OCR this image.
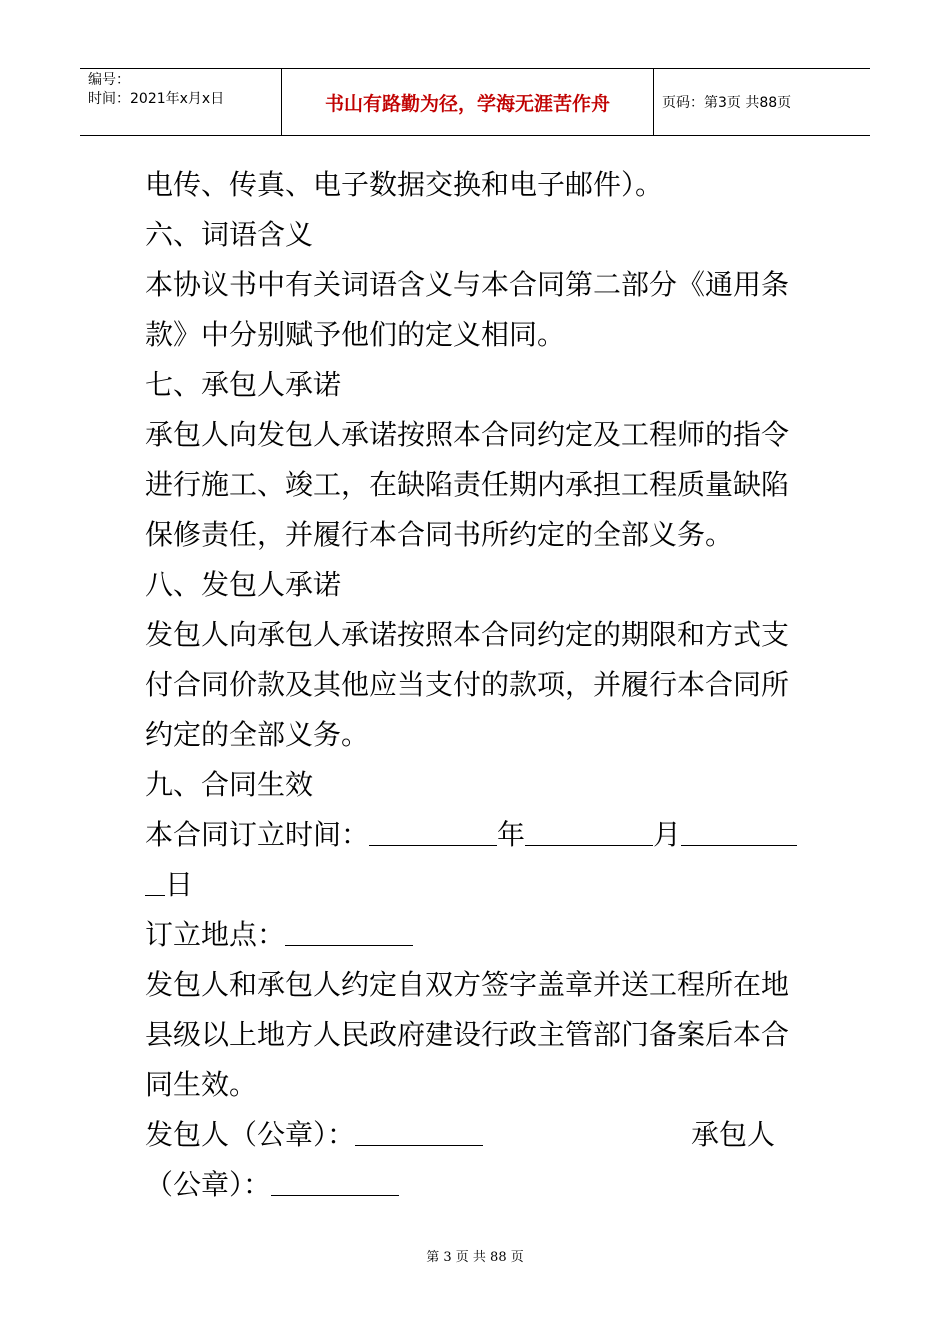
编号：
时间：2021年x月x日	书山有路勤为径，学海无涯苦作舟	页码：第3页 共88页
电传、传真、电子数据交换和电子邮件）。
六、词语含义
本协议书中有关词语含义与本合同第二部分《通用条
款》中分别赋予他们的定义相同。
七、承包人承诺
承包人向发包人承诺按照本合同约定及工程师的指令
进行施工、竣工，在缺陷责任期内承担工程质量缺陷
保修责任，并履行本合同书所约定的全部义务。
八、发包人承诺
发包人向承包人承诺按照本合同约定的期限和方式支
付合同价款及其他应当支付的款项，并履行本合同所
约定的全部义务。
九、合同生效
本合同订立时间：	年	月
日
订立地点：
发包人和承包人约定自双方签字盖章并送工程所在地
县级以上地方人民政府建设行政主管部门备案后本合
同生效。
发包人（公章）：	承包人
（公章）：
第 3 页 共 88 页
